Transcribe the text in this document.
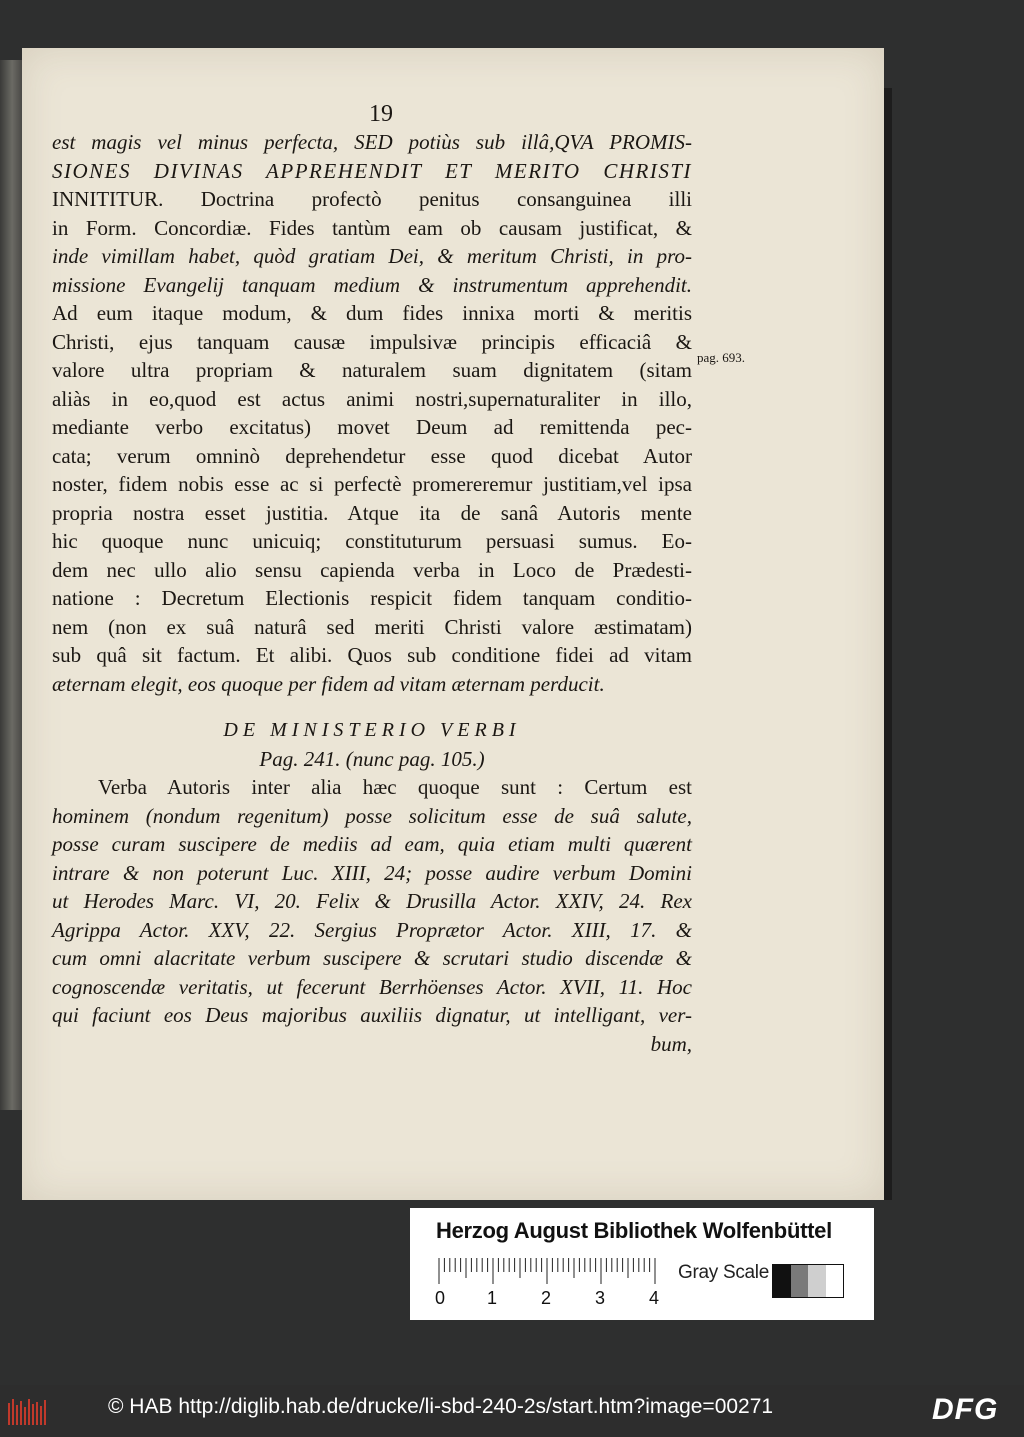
pag. 693.
19
est magis vel minus perfecta, SED potiùs sub illâ,QVA PROMIS-
SIONES DIVINAS APPREHENDIT ET MERITO CHRISTI
INNITITUR. Doctrina profectò penitus consanguinea illi
in Form. Concordiæ. Fides tantùm eam ob causam justificat, &
inde vimillam habet, quòd gratiam Dei, & meritum Christi, in pro-
missione Evangelij tanquam medium & instrumentum apprehendit.
Ad eum itaque modum, & dum fides innixa morti & meritis
Christi, ejus tanquam causæ impulsivæ principis efficaciâ &
valore ultra propriam & naturalem suam dignitatem (sitam
aliàs in eo,quod est actus animi nostri,supernaturaliter in illo,
mediante verbo excitatus) movet Deum ad remittenda pec-
cata; verum omninò deprehendetur esse quod dicebat Autor
noster, fidem nobis esse ac si perfectè promereremur justitiam,vel ipsa
propria nostra esset justitia. Atque ita de sanâ Autoris mente
hic quoque nunc unicuiq; constituturum persuasi sumus. Eo-
dem nec ullo alio sensu capienda verba in Loco de Prædesti-
natione : Decretum Electionis respicit fidem tanquam conditio-
nem (non ex suâ naturâ sed meriti Christi valore æstimatam)
sub quâ sit factum. Et alibi. Quos sub conditione fidei ad vitam
æternam elegit, eos quoque per fidem ad vitam æternam perducit.
DE MINISTERIO VERBI
Pag. 241. (nunc pag. 105.)
Verba Autoris inter alia hæc quoque sunt : Certum est
hominem (nondum regenitum) posse solicitum esse de suâ salute,
posse curam suscipere de mediis ad eam, quia etiam multi quærent
intrare & non poterunt Luc. XIII, 24; posse audire verbum Domini
ut Herodes Marc. VI, 20. Felix & Drusilla Actor. XXIV, 24. Rex
Agrippa Actor. XXV, 22. Sergius Proprætor Actor. XIII, 17. &
cum omni alacritate verbum suscipere & scrutari studio discendæ &
cognoscendæ veritatis, ut fecerunt Berrhöenses Actor. XVII, 11. Hoc
qui faciunt eos Deus majoribus auxiliis dignatur, ut intelligant, ver-
bum,
Herzog August Bibliothek Wolfenbüttel
0 1 2 3 4
Gray Scale
© HAB http://diglib.hab.de/drucke/li-sbd-240-2s/start.htm?image=00271	DFG
